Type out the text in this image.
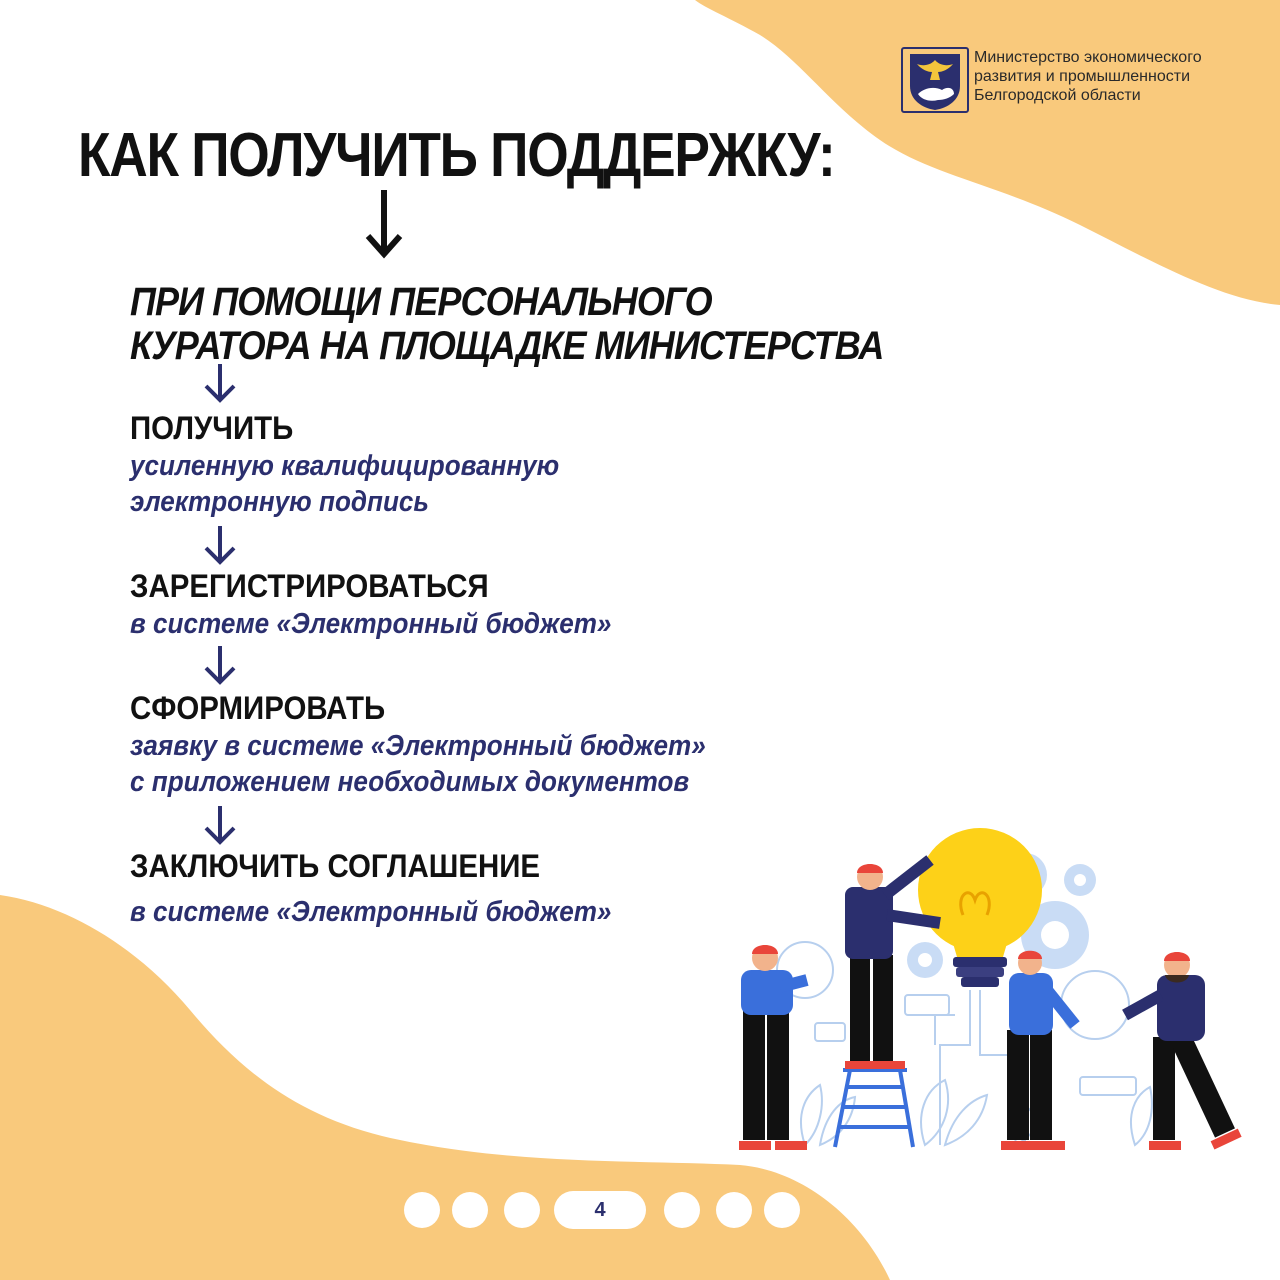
Министерство экономического
развития и промышленности
Белгородской области
КАК ПОЛУЧИТЬ ПОДДЕРЖКУ:
ПРИ ПОМОЩИ ПЕРСОНАЛЬНОГО
КУРАТОРА НА ПЛОЩАДКЕ МИНИСТЕРСТВА
ПОЛУЧИТЬ
усиленную квалифицированную
электронную подпись
ЗАРЕГИСТРИРОВАТЬСЯ
в системе «Электронный бюджет»
СФОРМИРОВАТЬ
заявку в системе «Электронный бюджет»
с приложением необходимых документов
ЗАКЛЮЧИТЬ СОГЛАШЕНИЕ
в системе «Электронный бюджет»
4
